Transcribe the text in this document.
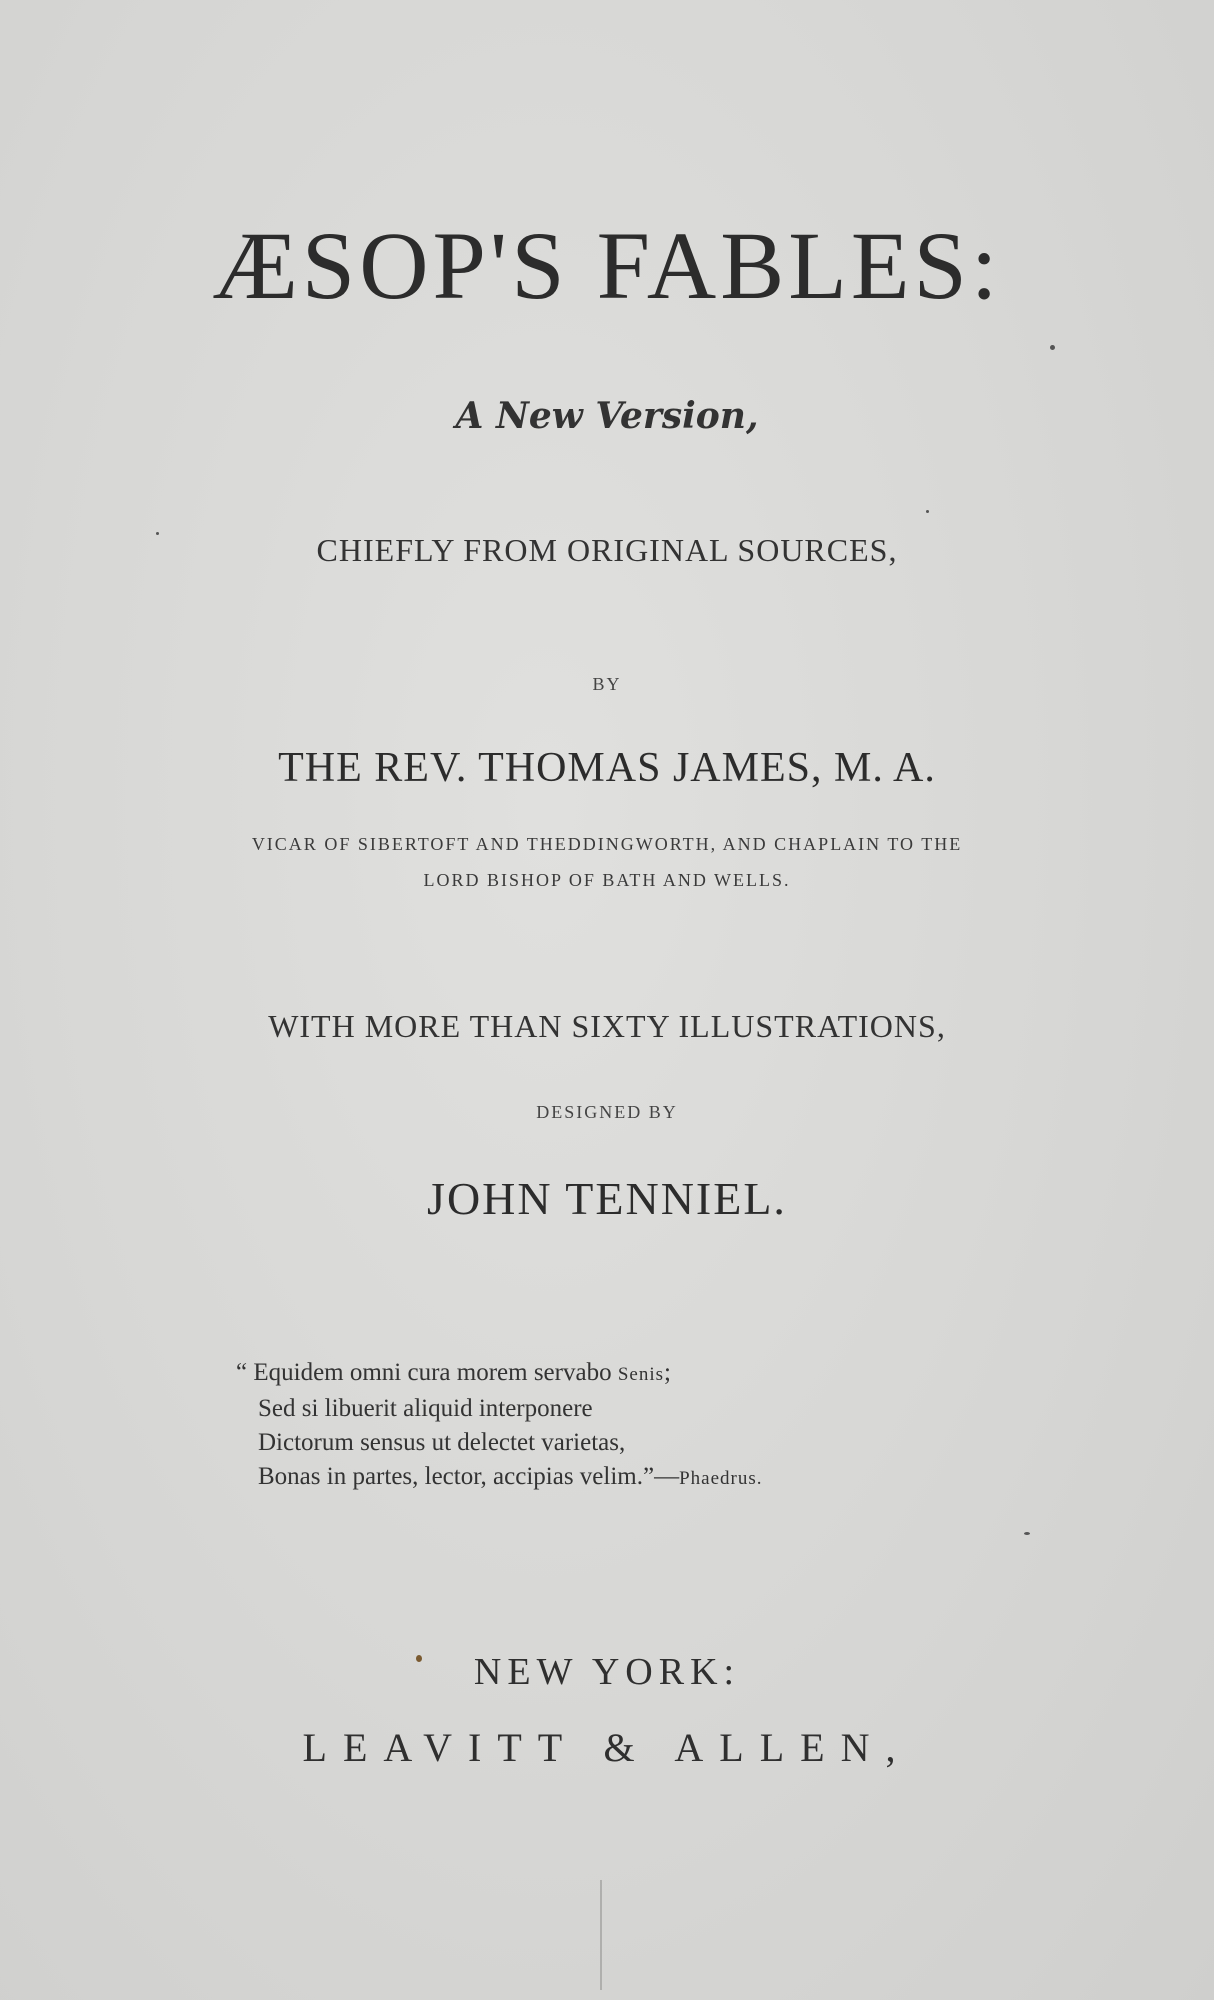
ÆSOP'S FABLES:
A New Version,
CHIEFLY FROM ORIGINAL SOURCES,
BY
THE REV. THOMAS JAMES, M. A.
VICAR OF SIBERTOFT AND THEDDINGWORTH, AND CHAPLAIN TO THE
LORD BISHOP OF BATH AND WELLS.
WITH MORE THAN SIXTY ILLUSTRATIONS,
DESIGNED BY
JOHN TENNIEL.
“ Equidem omni cura morem servabo Senis;
Sed si libuerit aliquid interponere
Dictorum sensus ut delectet varietas,
Bonas in partes, lector, accipias velim.”—Phaedrus.
NEW YORK:
LEAVITT & ALLEN,
